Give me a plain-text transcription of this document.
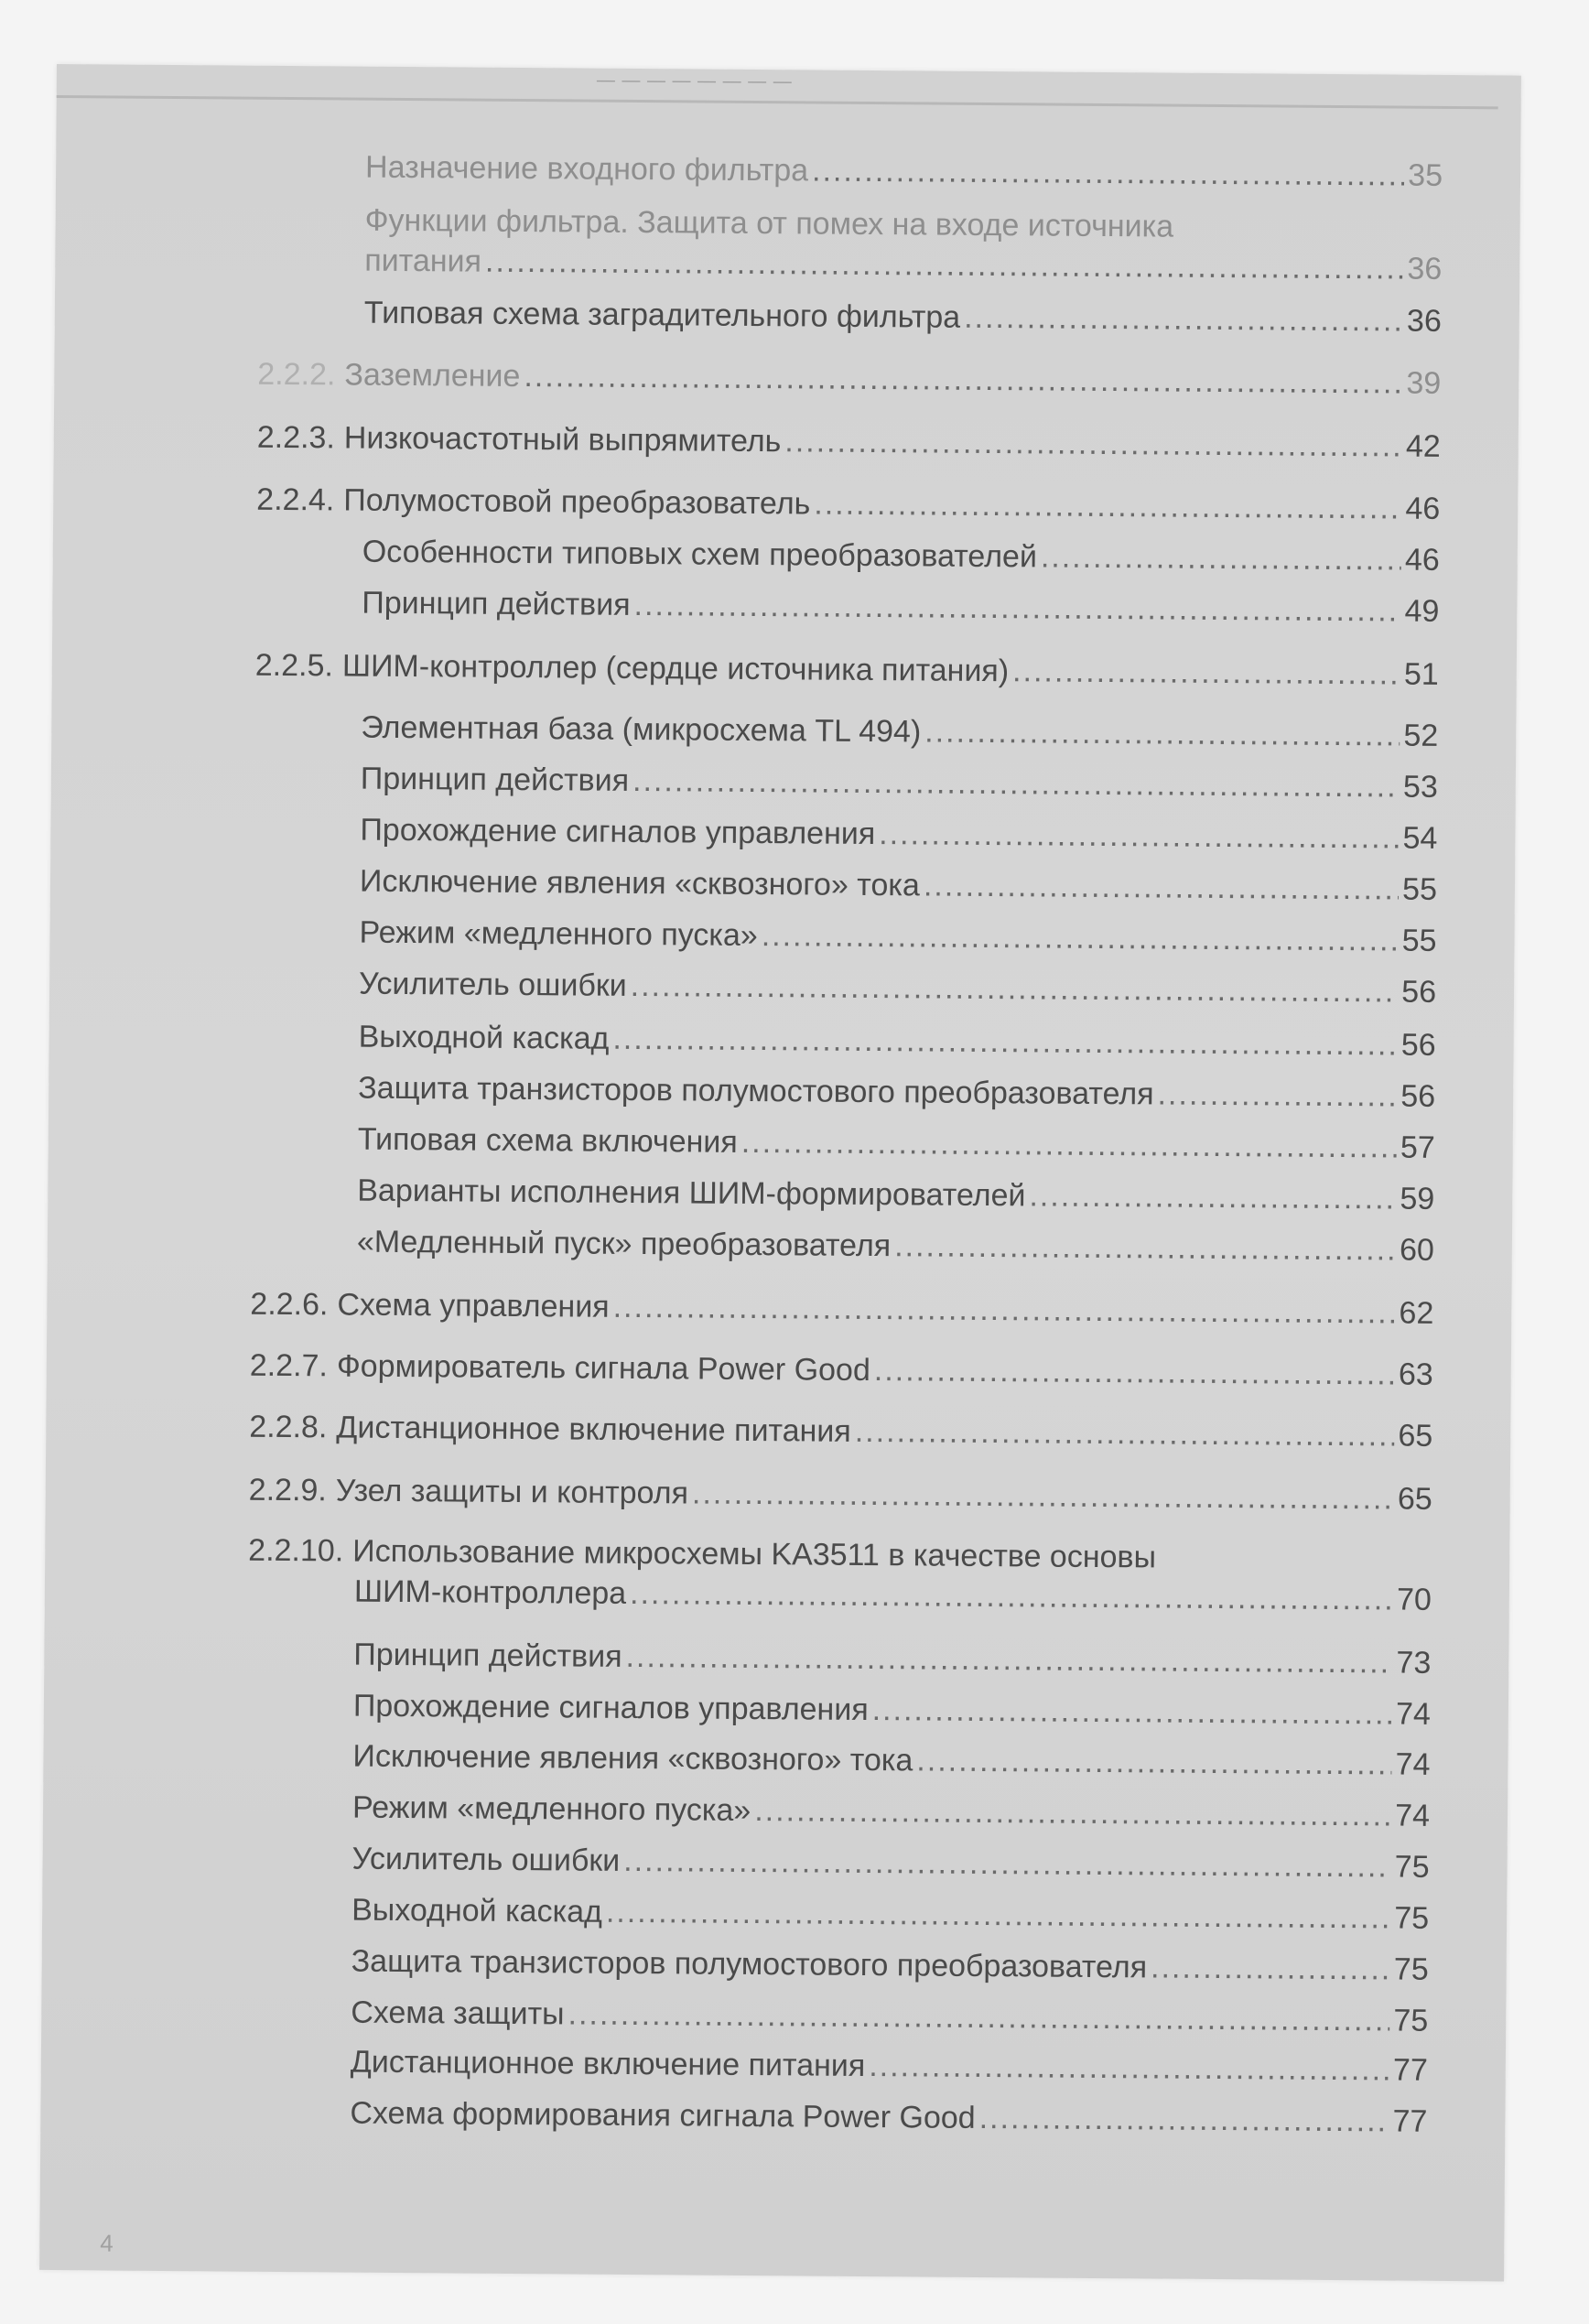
— — — — — — — —
Назначение входного фильтра .....	35
Функции фильтра. Защита от помех на входе источника
питания .....	36
Типовая схема заградительного фильтра .....	36
2.2.2. Заземление .....	39
2.2.3. Низкочастотный выпрямитель .....	42
2.2.4. Полумостовой преобразователь .....	46
Особенности типовых схем преобразователей .....	46
Принцип действия .....	49
2.2.5. ШИМ-контроллер (сердце источника питания) .....	51
Элементная база (микросхема TL 494) .....	52
Принцип действия .....	53
Прохождение сигналов управления .....	54
Исключение явления «сквозного» тока .....	55
Режим «медленного пуска» .....	55
Усилитель ошибки .....	56
Выходной каскад .....	56
Защита транзисторов полумостового преобразователя .....	56
Типовая схема включения .....	57
Варианты исполнения ШИМ-формирователей .....	59
«Медленный пуск» преобразователя .....	60
2.2.6. Схема управления .....	62
2.2.7. Формирователь сигнала Power Good .....	63
2.2.8. Дистанционное включение питания .....	65
2.2.9. Узел защиты и контроля .....	65
2.2.10. Использование микросхемы KA3511 в качестве основы
ШИМ-контроллера .....	70
Принцип действия .....	73
Прохождение сигналов управления .....	74
Исключение явления «сквозного» тока .....	74
Режим «медленного пуска» .....	74
Усилитель ошибки .....	75
Выходной каскад .....	75
Защита транзисторов полумостового преобразователя .....	75
Схема защиты .....	75
Дистанционное включение питания .....	77
Схема формирования сигнала Power Good .....	77
4
